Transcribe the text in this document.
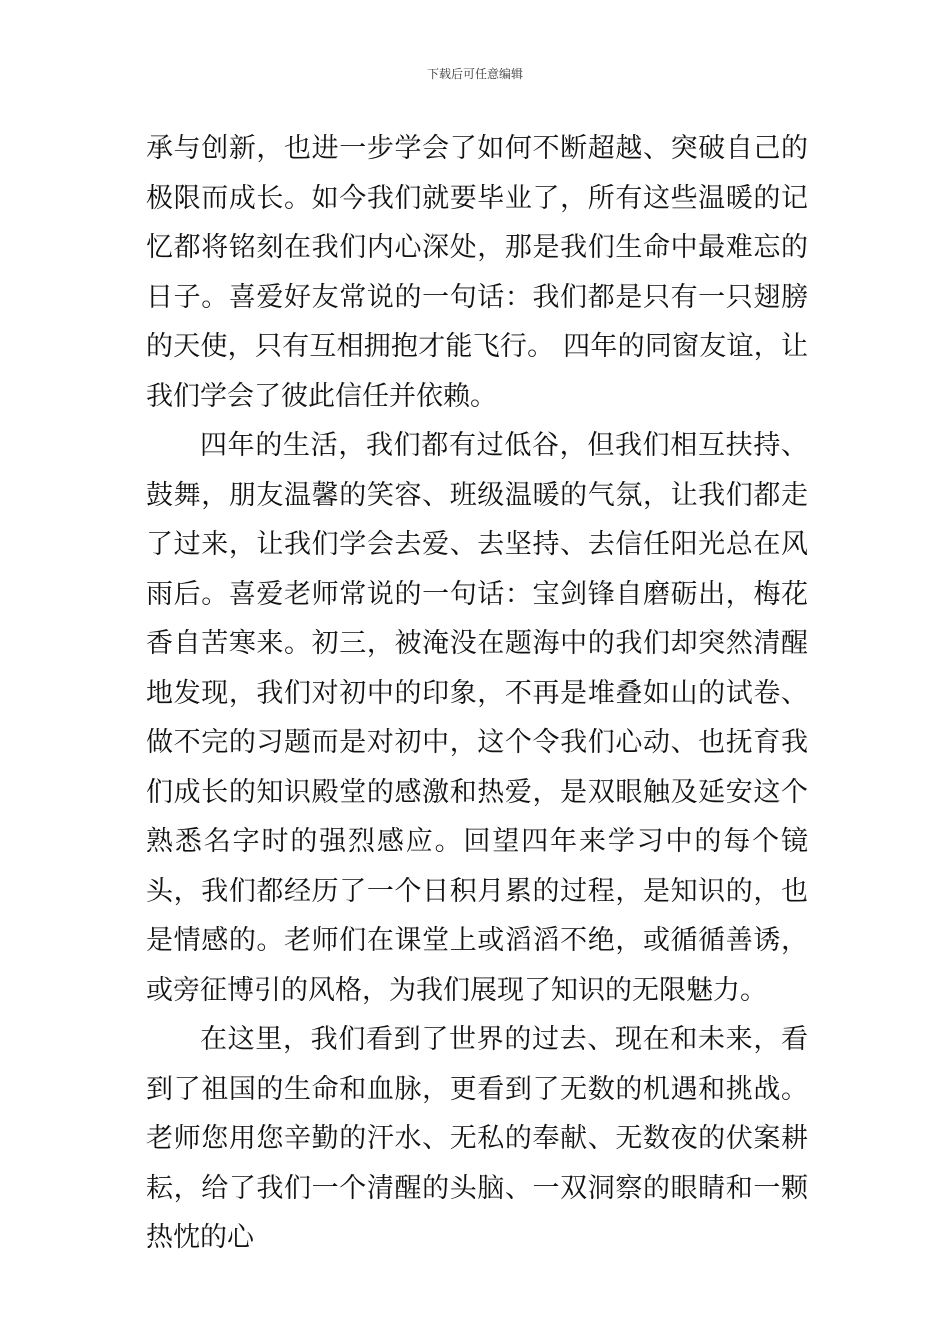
下载后可任意编辑

承与创新，也进一步学会了如何不断超越、突破自己的极限而成长。如今我们就要毕业了，所有这些温暖的记忆都将铭刻在我们内心深处，那是我们生命中最难忘的日子。喜爱好友常说的一句话：我们都是只有一只翅膀的天使，只有互相拥抱才能飞行。 四年的同窗友谊，让我们学会了彼此信任并依赖。

四年的生活，我们都有过低谷，但我们相互扶持、鼓舞，朋友温馨的笑容、班级温暖的气氛，让我们都走了过来，让我们学会去爱、去坚持、去信任阳光总在风雨后。喜爱老师常说的一句话：宝剑锋自磨砺出，梅花香自苦寒来。初三，被淹没在题海中的我们却突然清醒地发现，我们对初中的印象，不再是堆叠如山的试卷、做不完的习题而是对初中，这个令我们心动、也抚育我们成长的知识殿堂的感激和热爱，是双眼触及延安这个熟悉名字时的强烈感应。回望四年来学习中的每个镜头，我们都经历了一个日积月累的过程，是知识的，也是情感的。老师们在课堂上或滔滔不绝，或循循善诱，或旁征博引的风格，为我们展现了知识的无限魅力。

在这里，我们看到了世界的过去、现在和未来，看到了祖国的生命和血脉，更看到了无数的机遇和挑战。老师您用您辛勤的汗水、无私的奉献、无数夜的伏案耕耘，给了我们一个清醒的头脑、一双洞察的眼睛和一颗热忱的心
